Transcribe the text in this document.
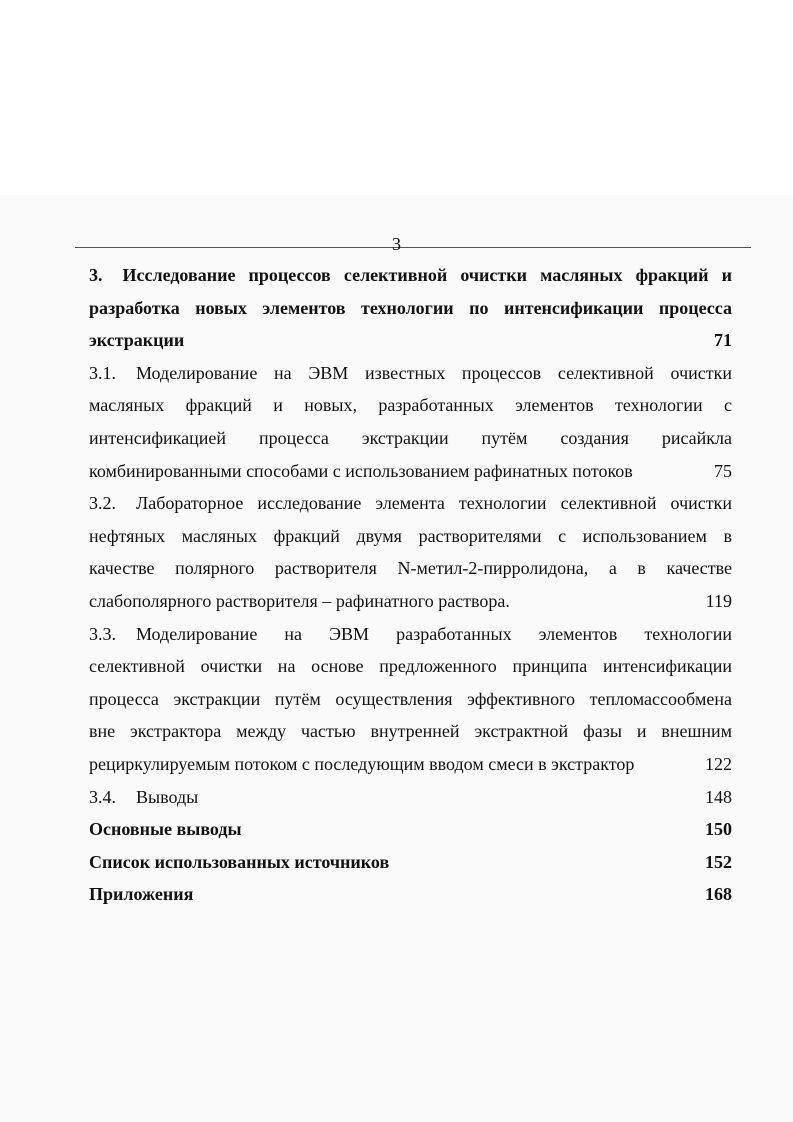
3
3. Исследование процессов селективной очистки масляных фракций и
разработка новых элементов технологии по интенсификации процесса
экстракции	71
3.1. Моделирование на ЭВМ известных процессов селективной очистки
масляных фракций и новых, разработанных элементов технологии с
интенсификацией процесса экстракции путём создания рисайкла
комбинированными способами с использованием рафинатных потоков	75
3.2. Лабораторное исследование элемента технологии селективной очистки
нефтяных масляных фракций двумя растворителями с использованием в
качестве полярного растворителя N-метил-2-пирролидона, а в качестве
слабополярного растворителя – рафинатного раствора.	119
3.3. Моделирование на ЭВМ разработанных элементов технологии
селективной очистки на основе предложенного принципа интенсификации
процесса экстракции путём осуществления эффективного тепломассообмена
вне экстрактора между частью внутренней экстрактной фазы и внешним
рециркулируемым потоком с последующим вводом смеси в экстрактор	122
3.4. Выводы	148
Основные выводы	150
Список использованных источников	152
Приложения	168
